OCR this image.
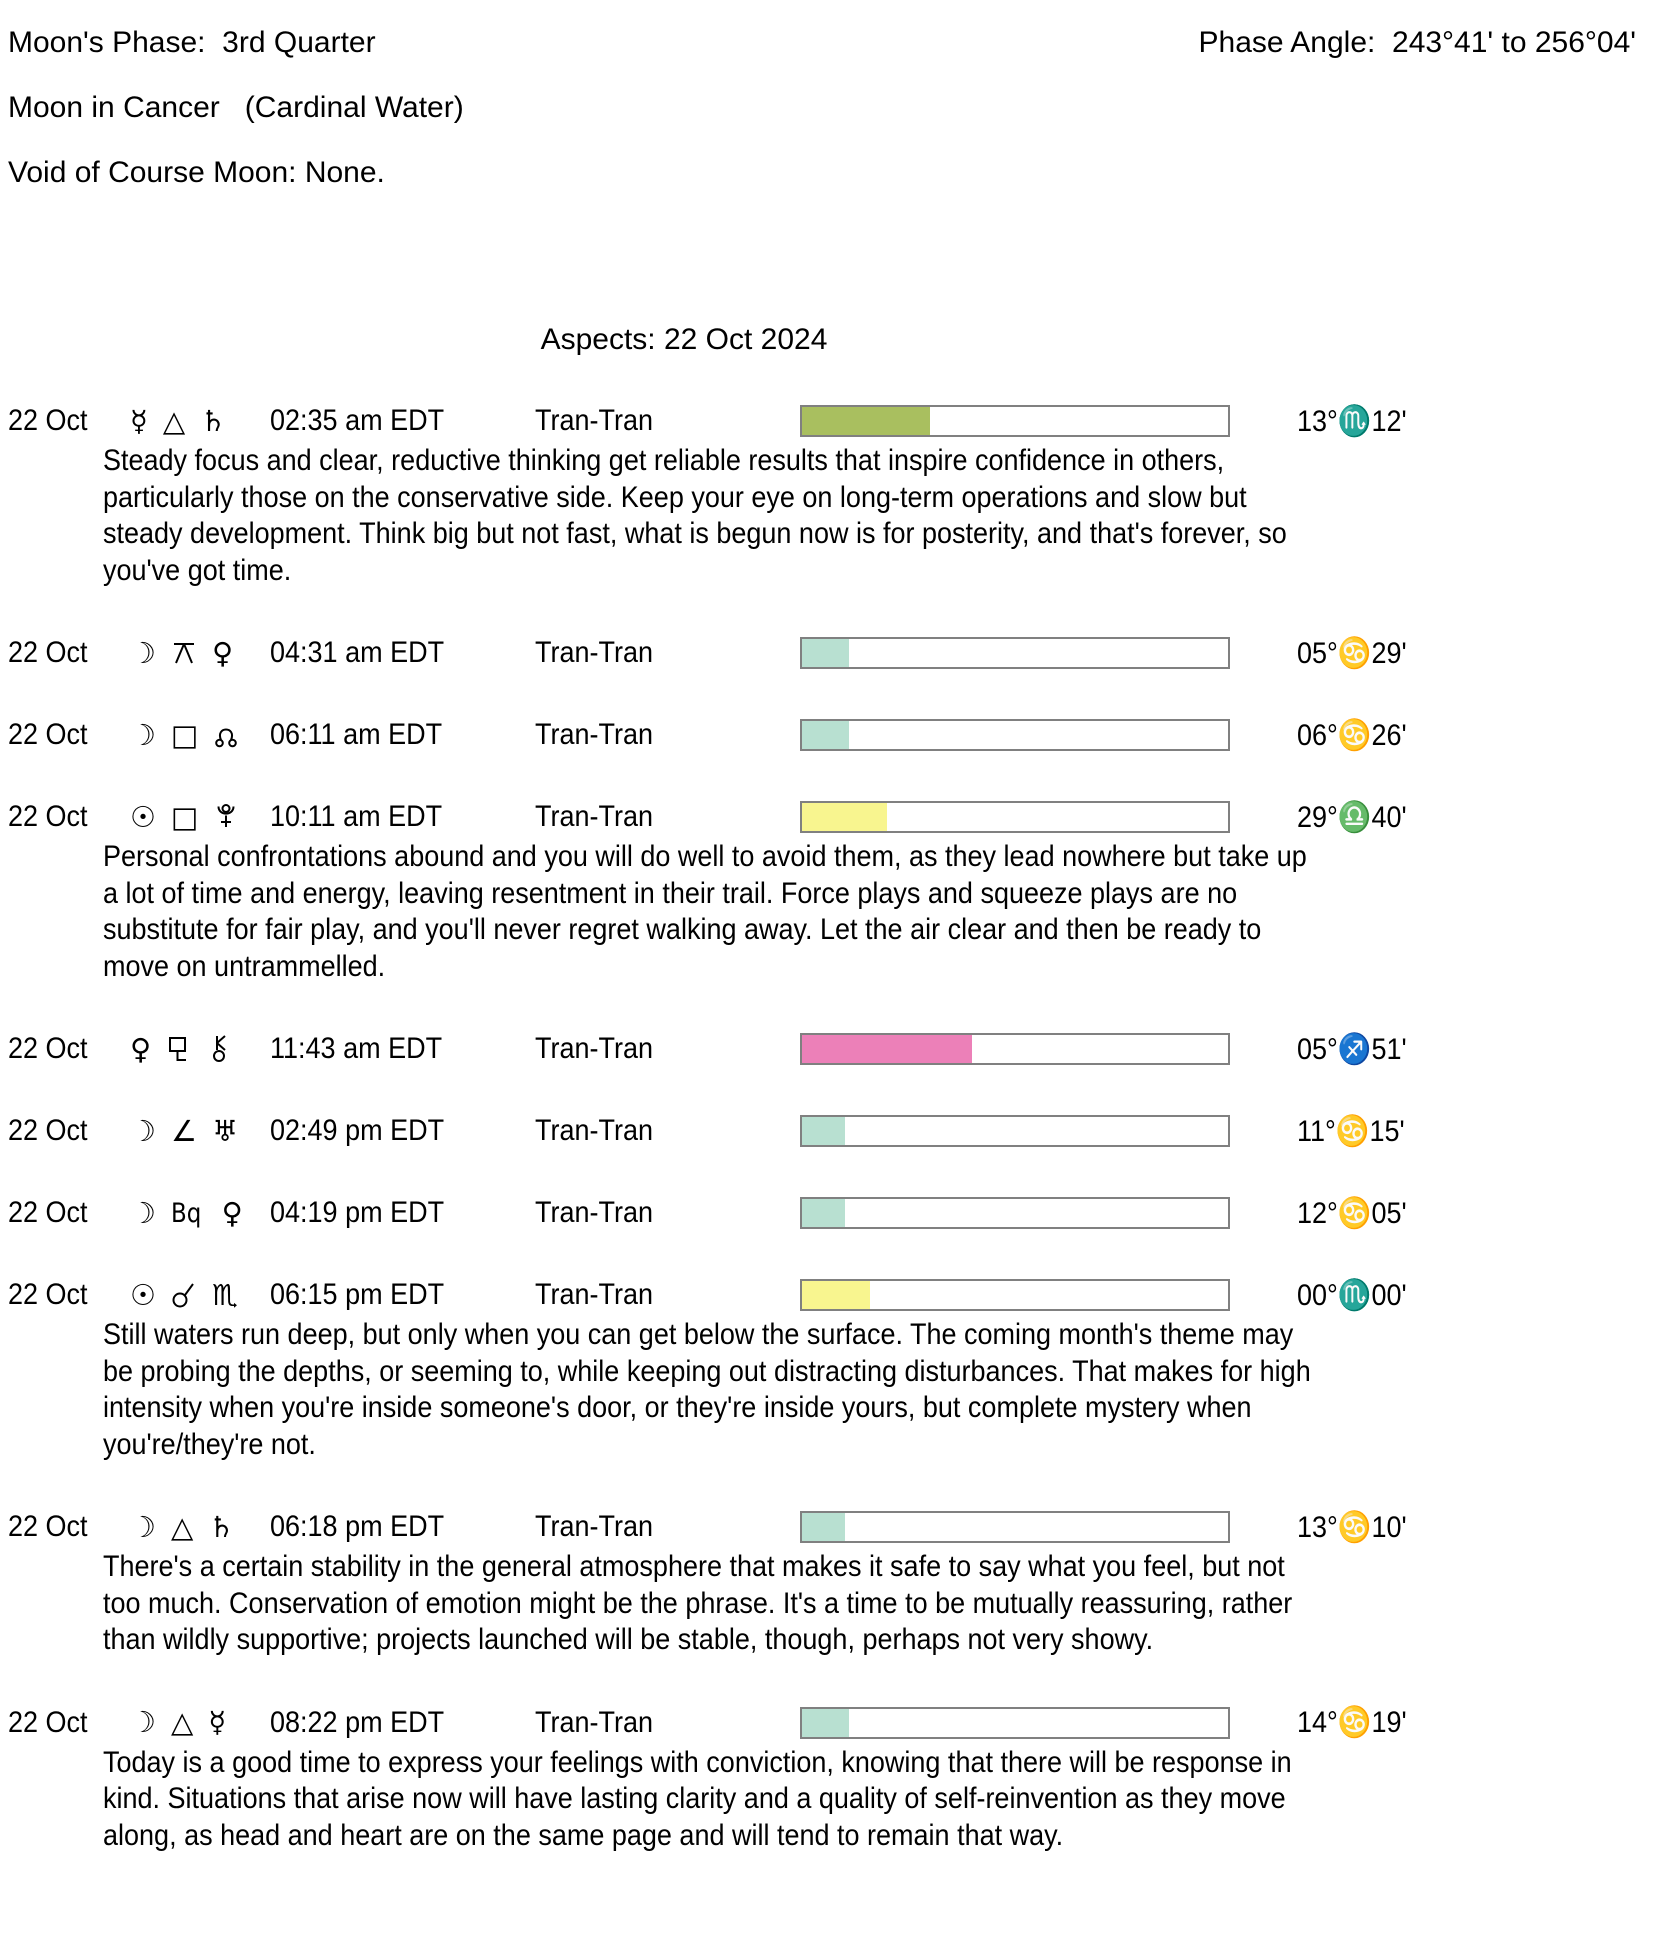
Moon's Phase:  3rd Quarter
Moon in Cancer   (Cardinal Water)
Void of Course Moon: None.
Phase Angle:  243°41' to 256°04'
Aspects: 22 Oct 2024
22 Oct	☿ △ ♄ 02:35 am EDT	Tran-Tran	13°♏12'
Steady focus and clear, reductive thinking get reliable results that inspire confidence in others, particularly those on the conservative side. Keep your eye on long-term operations and slow but steady development. Think big but not fast, what is begun now is for posterity, and that's forever, so you've got time.
22 Oct	☽ ♀ 04:31 am EDT	Tran-Tran	05°♋29'
22 Oct	☽ □ 06:11 am EDT	Tran-Tran	06°♋26'
22 Oct	☉ □ 10:11 am EDT	Tran-Tran	29°♎40'
Personal confrontations abound and you will do well to avoid them, as they lead nowhere but take up a lot of time and energy, leaving resentment in their trail. Force plays and squeeze plays are no substitute for fair play, and you'll never regret walking away. Let the air clear and then be ready to move on untrammelled.
22 Oct	♀	11:43 am EDT	Tran-Tran	05°♐51'
22 Oct	☽ ∠ ♅ 02:49 pm EDT	Tran-Tran	11°♋15'
22 Oct	☽ Bq ♀ 04:19 pm EDT	Tran-Tran	12°♋05'
22 Oct	☉ ♏ 06:15 pm EDT	Tran-Tran	00°♏00'
Still waters run deep, but only when you can get below the surface. The coming month's theme may be probing the depths, or seeming to, while keeping out distracting disturbances. That makes for high intensity when you're inside someone's door, or they're inside yours, but complete mystery when you're/they're not.
22 Oct	☽ △ ♄ 06:18 pm EDT	Tran-Tran	13°♋10'
There's a certain stability in the general atmosphere that makes it safe to say what you feel, but not too much. Conservation of emotion might be the phrase. It's a time to be mutually reassuring, rather than wildly supportive; projects launched will be stable, though, perhaps not very showy.
22 Oct	☽ △ ☿ 08:22 pm EDT	Tran-Tran	14°♋19'
Today is a good time to express your feelings with conviction, knowing that there will be response in kind. Situations that arise now will have lasting clarity and a quality of self-reinvention as they move along, as head and heart are on the same page and will tend to remain that way.
